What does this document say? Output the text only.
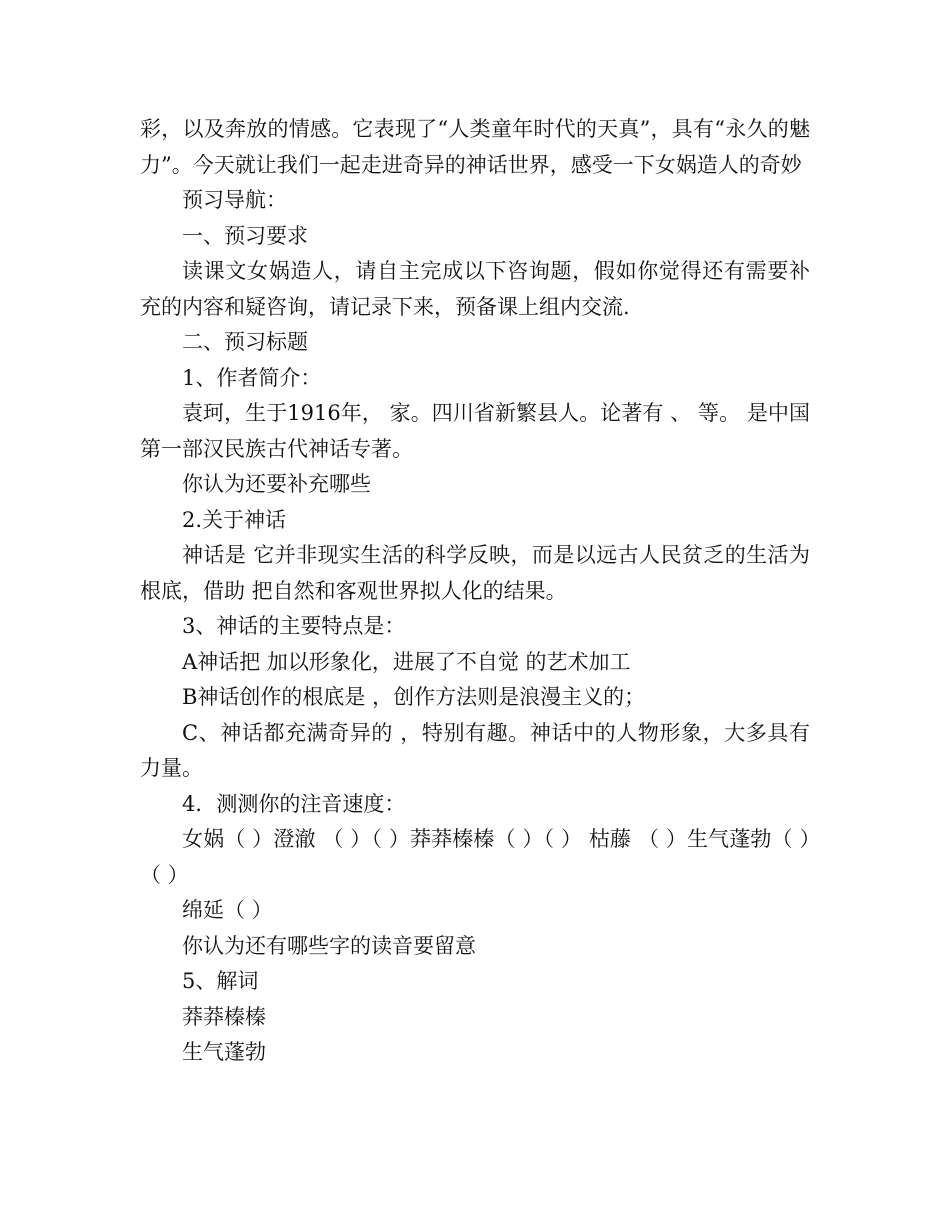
彩，以及奔放的情感。它表现了“人类童年时代的天真”，具有“永久的魅力”。今天就让我们一起走进奇异的神话世界，感受一下女娲造人的奇妙

预习导航：

一、预习要求

读课文女娲造人，请自主完成以下咨询题，假如你觉得还有需要补充的内容和疑咨询，请记录下来，预备课上组内交流.

二、预习标题

1、作者简介：

袁珂，生于1916年， 家。四川省新繁县人。论著有 、 等。 是中国第一部汉民族古代神话专著。

你认为还要补充哪些

2.关于神话

神话是 它并非现实生活的科学反映，而是以远古人民贫乏的生活为根底，借助 把自然和客观世界拟人化的结果。

3、神话的主要特点是：

A神话把 加以形象化，进展了不自觉 的艺术加工

B神话创作的根底是 ，创作方法则是浪漫主义的；

C、神话都充满奇异的 ，特别有趣。神话中的人物形象，大多具有 力量。

4．测测你的注音速度：

女娲（ ）澄澈 （ ）（ ）莽莽榛榛（ ）（ ） 枯藤 （ ）生气蓬勃（ ）（ ）

绵延（ ）

你认为还有哪些字的读音要留意

5、解词

莽莽榛榛

生气蓬勃
